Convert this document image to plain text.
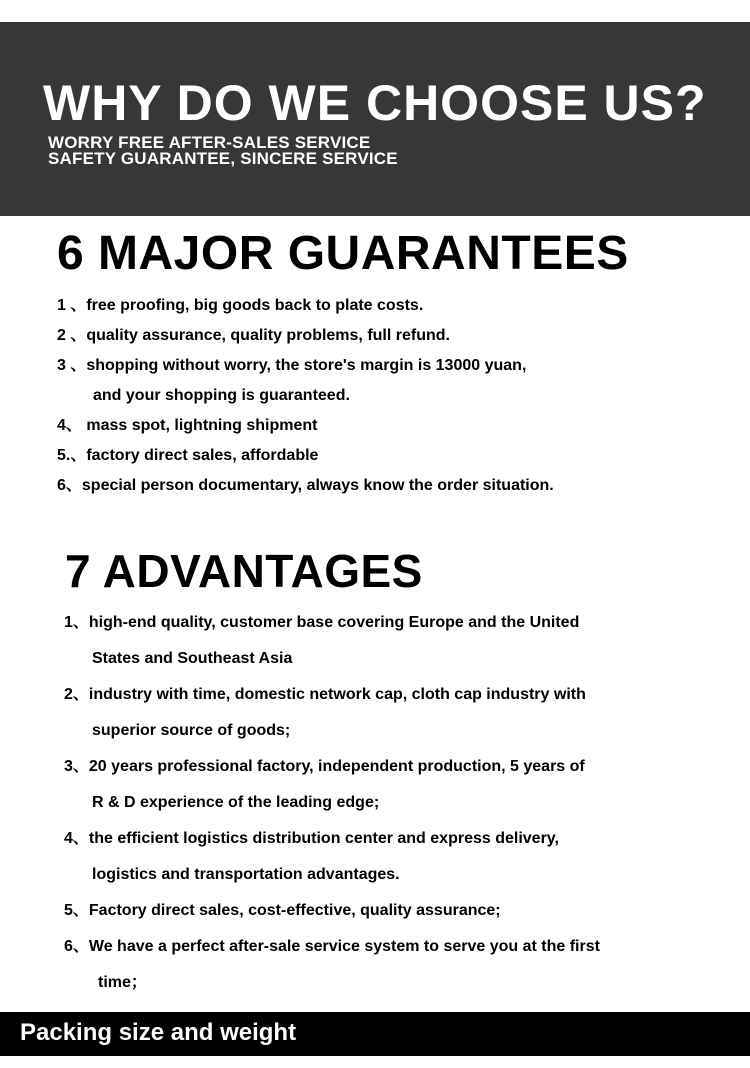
WHY DO WE CHOOSE US?
WORRY FREE AFTER-SALES SERVICE
SAFETY GUARANTEE, SINCERE SERVICE
6 MAJOR GUARANTEES
1 、free proofing, big goods back to plate costs.
2 、quality assurance, quality problems, full refund.
3 、shopping without worry, the store's margin is 13000 yuan,
and your shopping is guaranteed.
4、 mass spot, lightning shipment
5.、factory direct sales, affordable
6、special person documentary, always know the order situation.
7 ADVANTAGES
1、high-end quality, customer base covering Europe and the United
States and Southeast Asia
2、industry with time, domestic network cap, cloth cap industry with
superior source of goods;
3、20 years professional factory, independent production, 5 years of
R & D experience of the leading edge;
4、the efficient logistics distribution center and express delivery,
logistics and transportation advantages.
5、Factory direct sales, cost-effective, quality assurance;
6、We have a perfect after-sale service system to serve you at the first
time；
Packing size and weight
